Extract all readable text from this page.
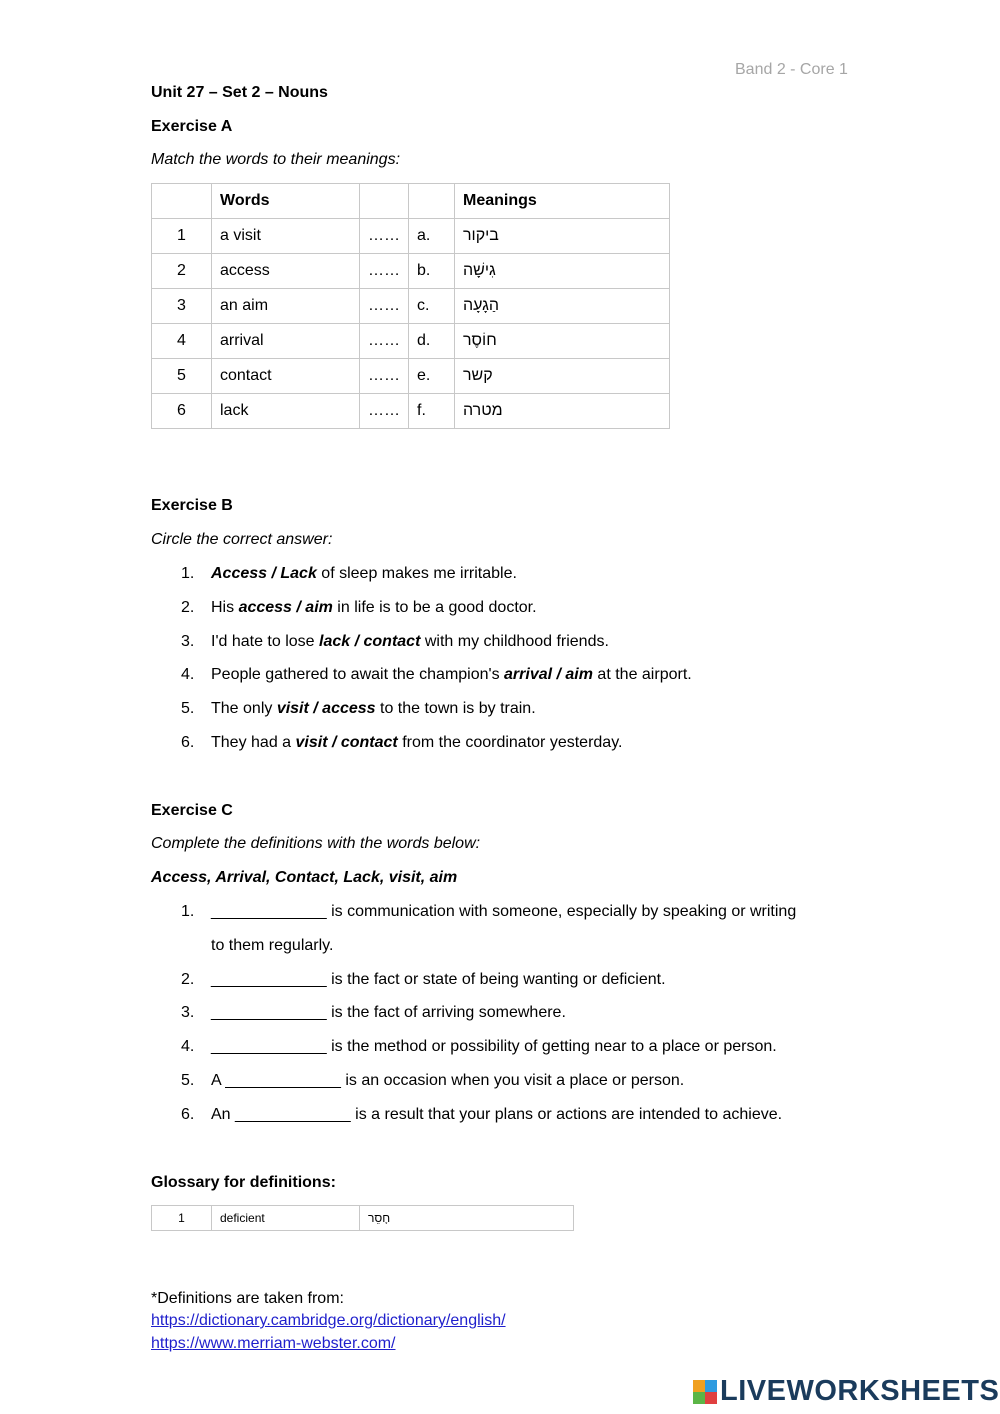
Band 2 - Core 1
Unit 27 – Set 2 – Nouns
Exercise A
Match the words to their meanings:
	Words			Meanings
1	a visit	……	a.	ביקור
2	access	……	b.	גִישָׁה
3	an aim	……	c.	הַגָעָה
4	arrival	……	d.	חוֹסֶר
5	contact	……	e.	קשר
6	lack	……	f.	מטרה
Exercise B
Circle the correct answer:
1.	Access / Lack of sleep makes me irritable.
2.	His access / aim in life is to be a good doctor.
3.	I'd hate to lose lack / contact with my childhood friends.
4.	People gathered to await the champion's arrival / aim at the airport.
5.	The only visit / access to the town is by train.
6.	They had a visit / contact from the coordinator yesterday.
Exercise C
Complete the definitions with the words below:
Access, Arrival, Contact, Lack, visit, aim
1.	_____________ is communication with someone, especially by speaking or writing
to them regularly.
2.	_____________ is the fact or state of being wanting or deficient.
3.	_____________ is the fact of arriving somewhere.
4.	_____________ is the method or possibility of getting near to a place or person.
5.	A _____________ is an occasion when you visit a place or person.
6.	An _____________ is a result that your plans or actions are intended to achieve.
Glossary for definitions:
1	deficient	חָסֵר
*Definitions are taken from:
https://dictionary.cambridge.org/dictionary/english/
https://www.merriam-webster.com/
LIVEWORKSHEETS
